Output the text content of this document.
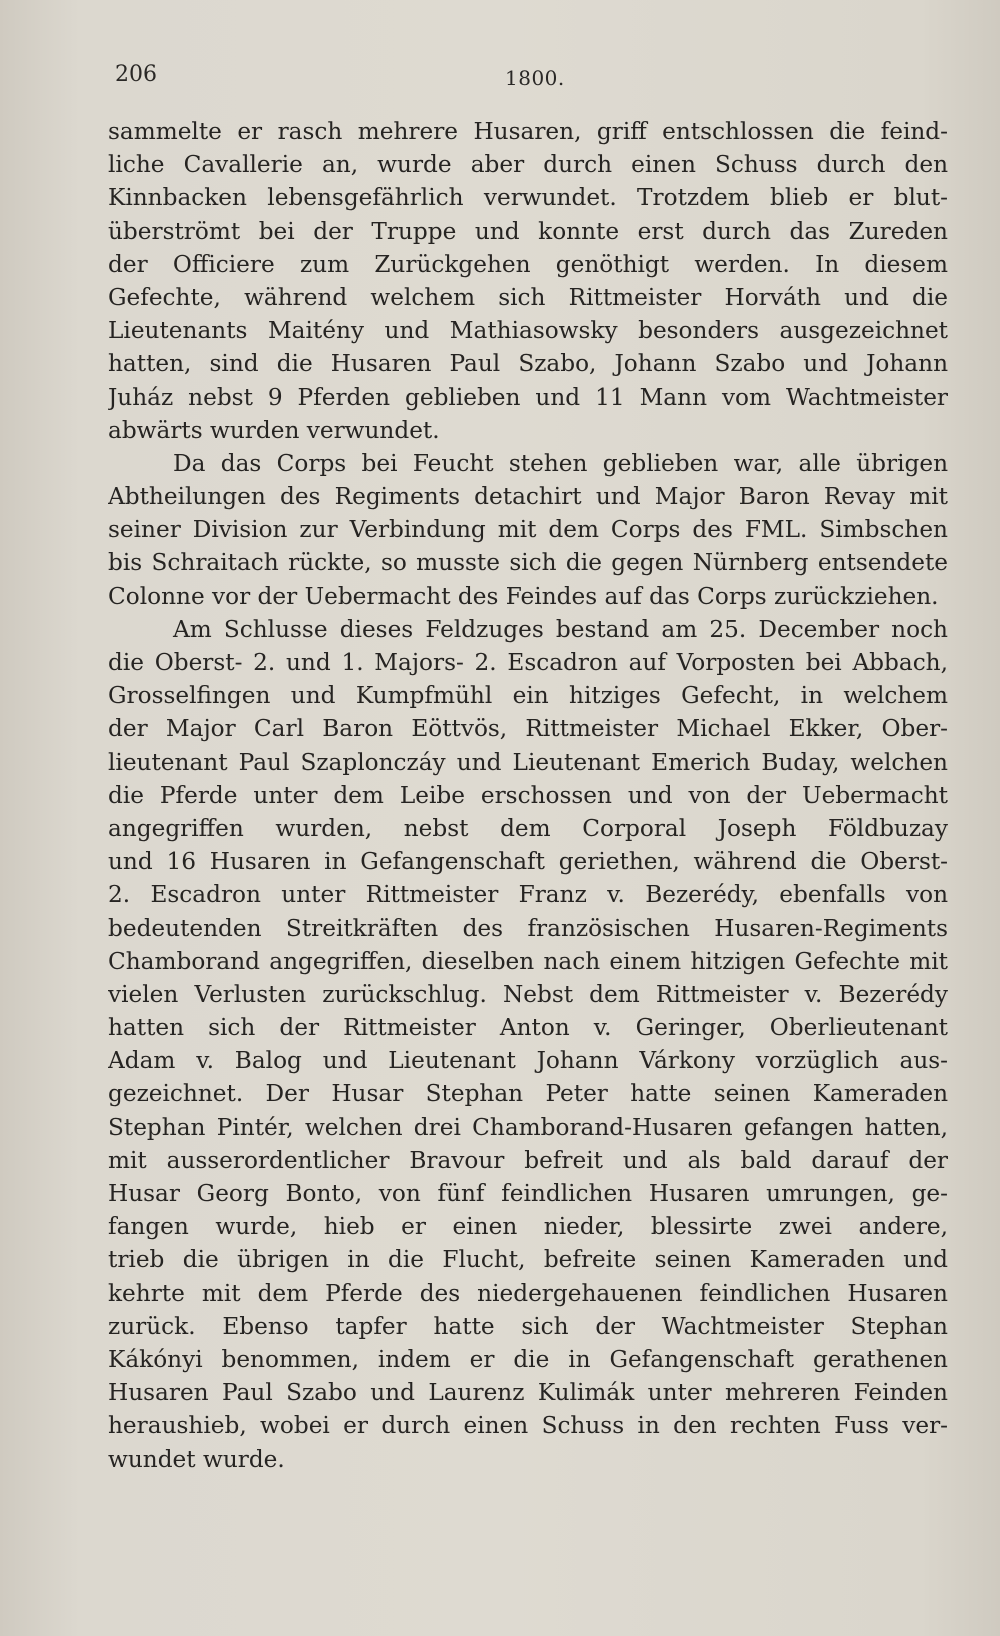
206	1800.
sammelte er rasch mehrere Husaren, griff entschlossen die feind-
liche Cavallerie an, wurde aber durch einen Schuss durch den
Kinnbacken lebensgefährlich verwundet. Trotzdem blieb er blut-
überströmt bei der Truppe und konnte erst durch das Zureden
der Officiere zum Zurückgehen genöthigt werden. In diesem
Gefechte, während welchem sich Rittmeister Horváth und die
Lieutenants Maitény und Mathiasowsky besonders ausgezeichnet
hatten, sind die Husaren Paul Szabo, Johann Szabo und Johann
Juház nebst 9 Pferden geblieben und 11 Mann vom Wachtmeister
abwärts wurden verwundet.
Da das Corps bei Feucht stehen geblieben war, alle übrigen
Abtheilungen des Regiments detachirt und Major Baron Revay mit
seiner Division zur Verbindung mit dem Corps des FML. Simbschen
bis Schraitach rückte, so musste sich die gegen Nürnberg entsendete
Colonne vor der Uebermacht des Feindes auf das Corps zurückziehen.
Am Schlusse dieses Feldzuges bestand am 25. December noch
die Oberst- 2. und 1. Majors- 2. Escadron auf Vorposten bei Abbach,
Grosselfingen und Kumpfmühl ein hitziges Gefecht, in welchem
der Major Carl Baron Eöttvös, Rittmeister Michael Ekker, Ober-
lieutenant Paul Szaplonczáy und Lieutenant Emerich Buday, welchen
die Pferde unter dem Leibe erschossen und von der Uebermacht
angegriffen wurden, nebst dem Corporal Joseph Földbuzay
und 16 Husaren in Gefangenschaft geriethen, während die Oberst-
2. Escadron unter Rittmeister Franz v. Bezerédy, ebenfalls von
bedeutenden Streitkräften des französischen Husaren-Regiments
Chamborand angegriffen, dieselben nach einem hitzigen Gefechte mit
vielen Verlusten zurückschlug. Nebst dem Rittmeister v. Bezerédy
hatten sich der Rittmeister Anton v. Geringer, Oberlieutenant
Adam v. Balog und Lieutenant Johann Várkony vorzüglich aus-
gezeichnet. Der Husar Stephan Peter hatte seinen Kameraden
Stephan Pintér, welchen drei Chamborand-Husaren gefangen hatten,
mit ausserordentlicher Bravour befreit und als bald darauf der
Husar Georg Bonto, von fünf feindlichen Husaren umrungen, ge-
fangen wurde, hieb er einen nieder, blessirte zwei andere,
trieb die übrigen in die Flucht, befreite seinen Kameraden und
kehrte mit dem Pferde des niedergehauenen feindlichen Husaren
zurück. Ebenso tapfer hatte sich der Wachtmeister Stephan
Kákónyi benommen, indem er die in Gefangenschaft gerathenen
Husaren Paul Szabo und Laurenz Kulimák unter mehreren Feinden
heraushieb, wobei er durch einen Schuss in den rechten Fuss ver-
wundet wurde.
